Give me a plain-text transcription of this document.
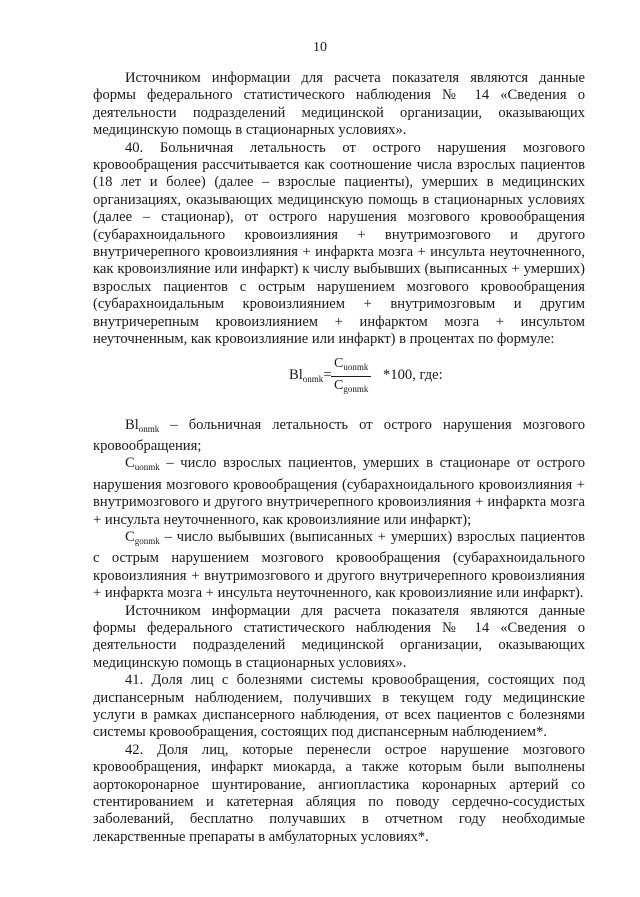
10

Источником информации для расчета показателя являются данные формы федерального статистического наблюдения № 14 «Сведения о деятельности подразделений медицинской организации, оказывающих медицинскую помощь в стационарных условиях».

40. Больничная летальность от острого нарушения мозгового кровообращения рассчитывается как соотношение числа взрослых пациентов (18 лет и более) (далее – взрослые пациенты), умерших в медицинских организациях, оказывающих медицинскую помощь в стационарных условиях (далее – стационар), от острого нарушения мозгового кровообращения (субарахноидального кровоизлияния + внутримозгового и другого внутричерепного кровоизлияния + инфаркта мозга + инсульта неуточненного, как кровоизлияние или инфаркт) к числу выбывших (выписанных + умерших) взрослых пациентов с острым нарушением мозгового кровообращения (субарахноидальным кровоизлиянием + внутримозговым и другим внутричерепным кровоизлиянием + инфарктом мозга + инсультом неуточненным, как кровоизлияние или инфаркт) в процентах по формуле:

$Bl_{onmk}=$
$C_{uonmk}$
$C_{gonmk}$
*100, где:

$Bl_{onmk}$ – больничная летальность от острого нарушения мозгового кровообращения;

$C_{uonmk}$ – число взрослых пациентов, умерших в стационаре от острого нарушения мозгового кровообращения (субарахноидального кровоизлияния + внутримозгового и другого внутричерепного кровоизлияния + инфаркта мозга + инсульта неуточненного, как кровоизлияние или инфаркт);

$C_{gonmk}$ – число выбывших (выписанных + умерших) взрослых пациентов с острым нарушением мозгового кровообращения (субарахноидального кровоизлияния + внутримозгового и другого внутричерепного кровоизлияния + инфаркта мозга + инсульта неуточненного, как кровоизлияние или инфаркт).

Источником информации для расчета показателя являются данные формы федерального статистического наблюдения № 14 «Сведения о деятельности подразделений медицинской организации, оказывающих медицинскую помощь в стационарных условиях».

41. Доля лиц с болезнями системы кровообращения, состоящих под диспансерным наблюдением, получивших в текущем году медицинские услуги в рамках диспансерного наблюдения, от всех пациентов с болезнями системы кровообращения, состоящих под диспансерным наблюдением*.

42. Доля лиц, которые перенесли острое нарушение мозгового кровообращения, инфаркт миокарда, а также которым были выполнены аортокоронарное шунтирование, ангиопластика коронарных артерий со стентированием и катетерная абляция по поводу сердечно-сосудистых заболеваний, бесплатно получавших в отчетном году необходимые лекарственные препараты в амбулаторных условиях*.
